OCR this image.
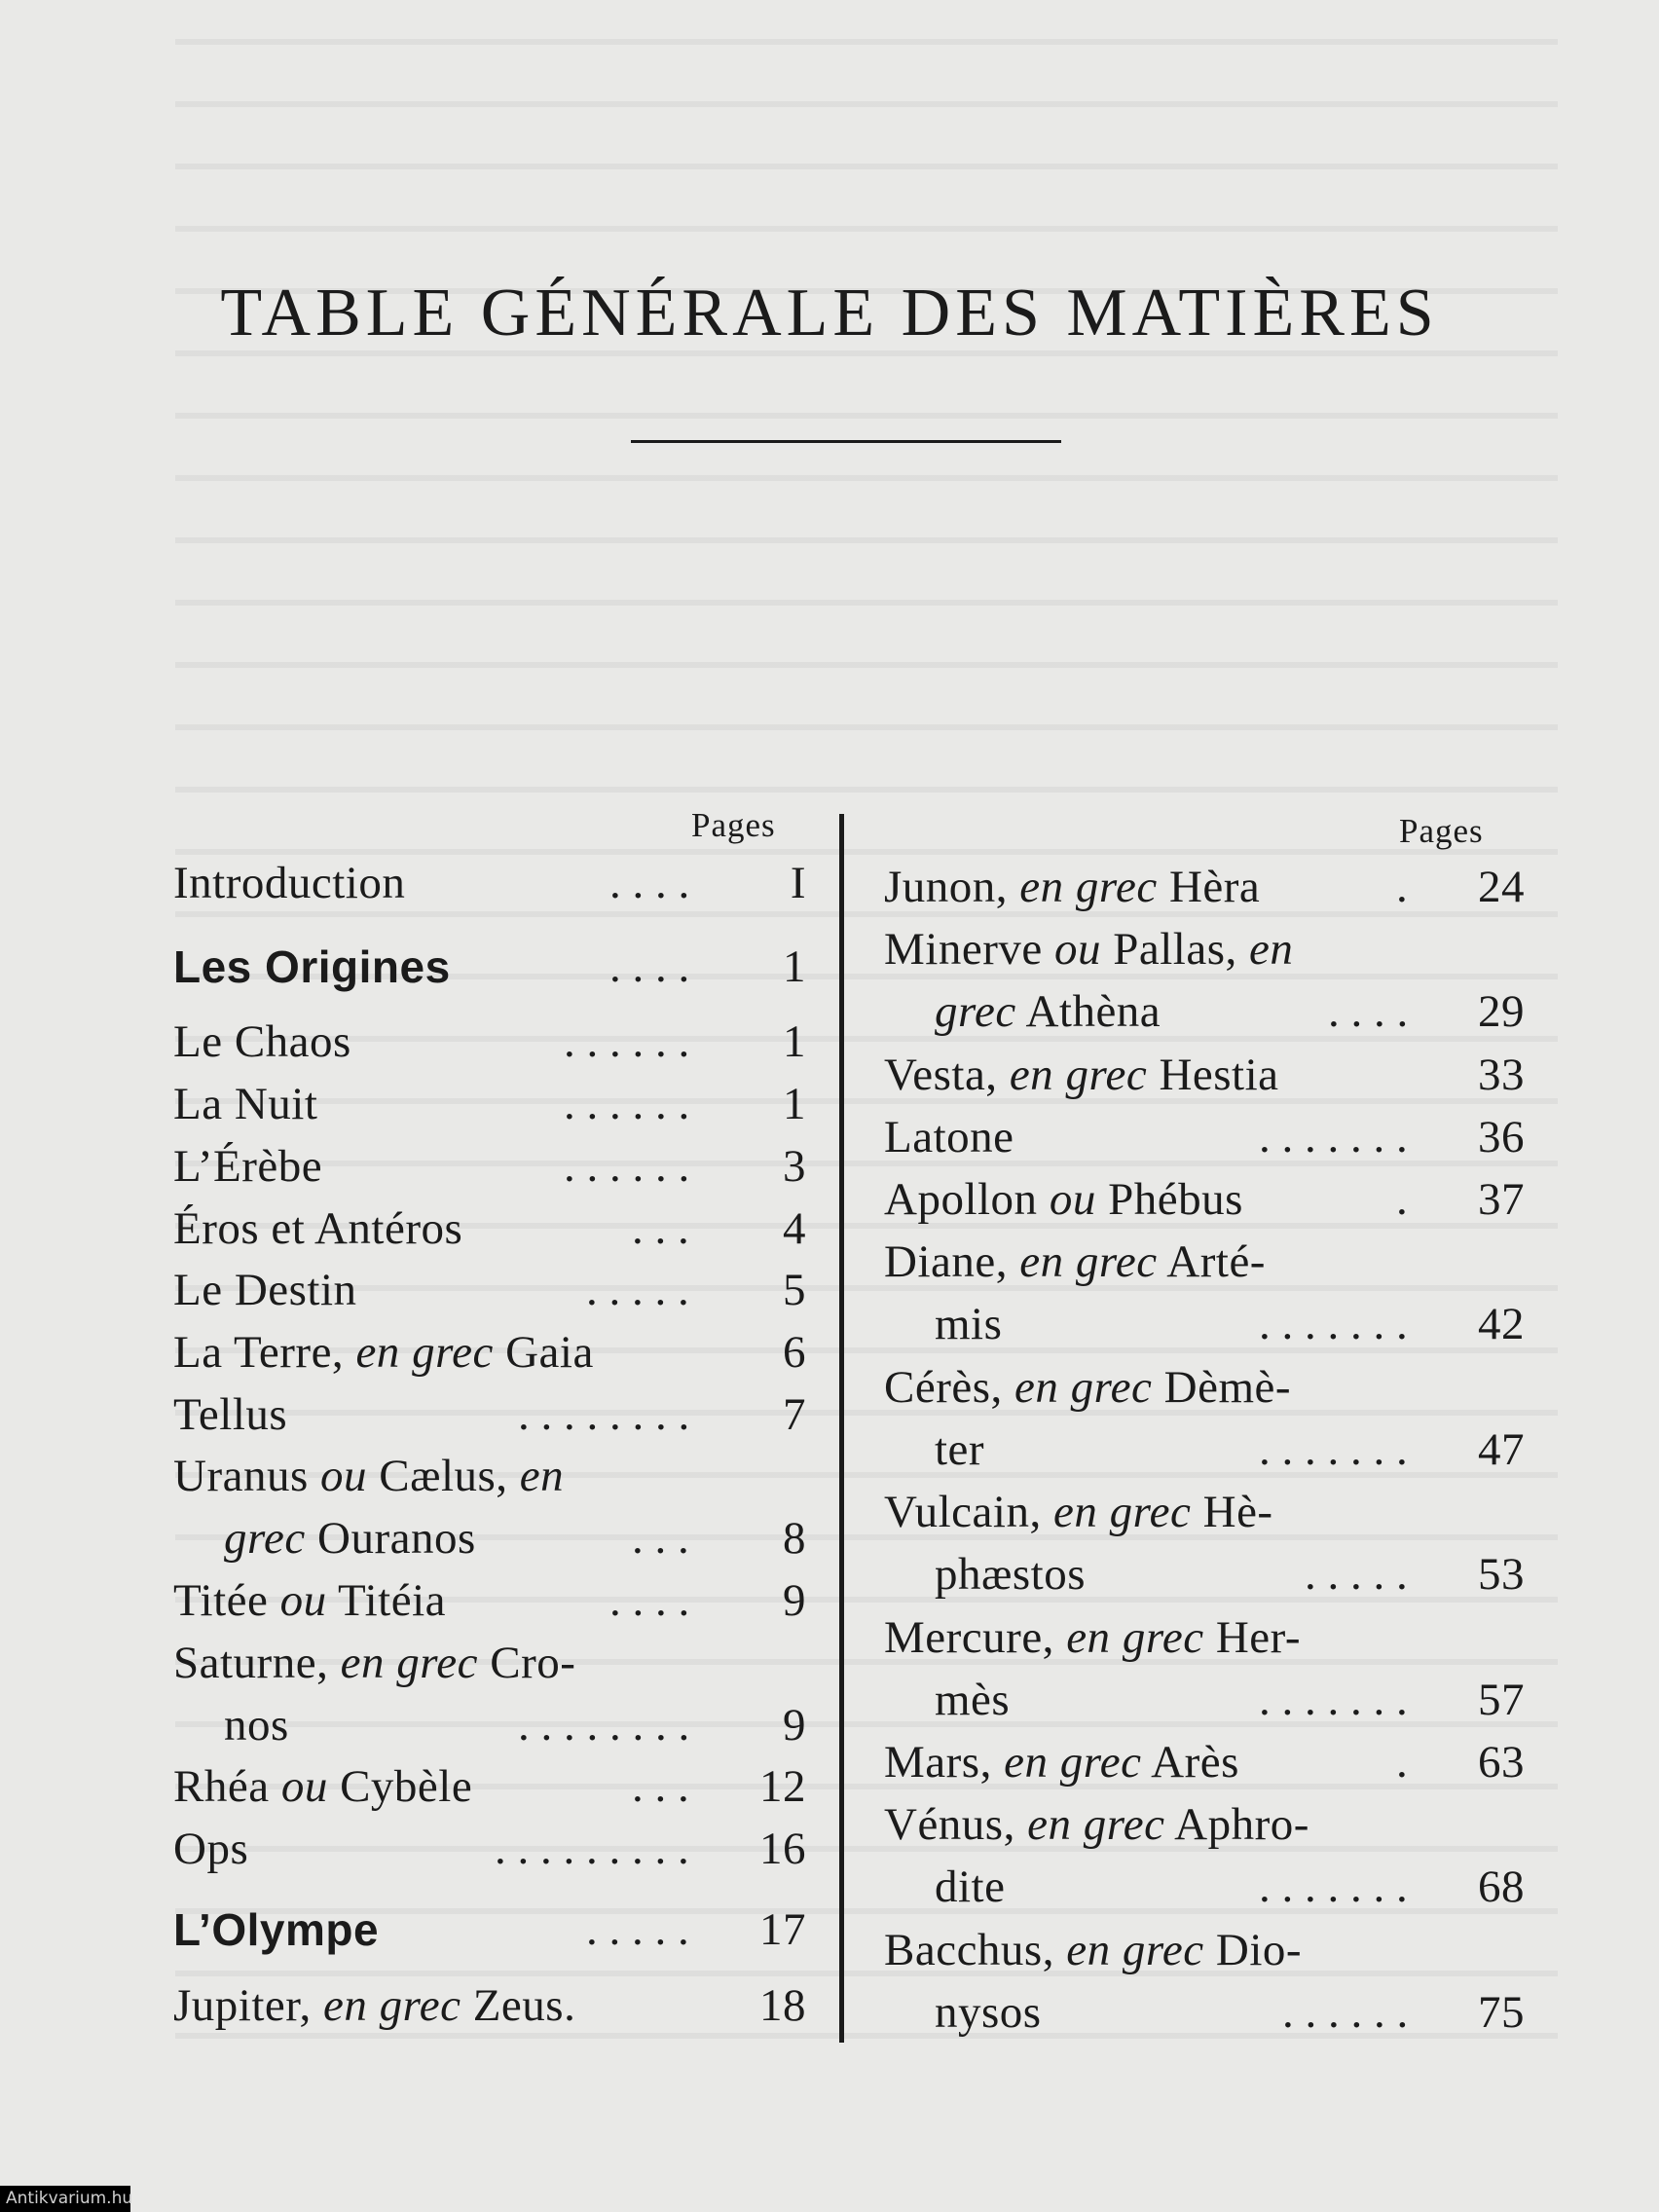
TABLE GÉNÉRALE DES MATIÈRES
Pages	Pages
Introduction	. . . .	I
Les Origines	. . . .	1
Le Chaos	. . . . . .	1
La Nuit	. . . . . .	1
L’Érèbe	. . . . . .	3
Éros et Antéros	. . .	4
Le Destin	. . . . .	5
La Terre, en grec Gaia	6
Tellus	. . . . . . . .	7
Uranus ou Cælus, en
grec Ouranos	. . .	8
Titée ou Titéia	. . . .	9
Saturne, en grec Cro-
nos	. . . . . . . .	9
Rhéa ou Cybèle	. . .	12
Ops	. . . . . . . . .	16
L’Olympe	. . . . .	17
Jupiter, en grec Zeus.	18
Junon, en grec Hèra	.	24
Minerve ou Pallas, en
grec Athèna	. . . .	29
Vesta, en grec Hestia	33
Latone	. . . . . . .	36
Apollon ou Phébus	.	37
Diane, en grec Arté-
mis	. . . . . . .	42
Cérès, en grec Dèmè-
ter	. . . . . . .	47
Vulcain, en grec Hè-
phæstos	. . . . .	53
Mercure, en grec Her-
mès	. . . . . . .	57
Mars, en grec Arès	.	63
Vénus, en grec Aphro-
dite	. . . . . . .	68
Bacchus, en grec Dio-
nysos	. . . . . .	75
Antikvarium.hu
